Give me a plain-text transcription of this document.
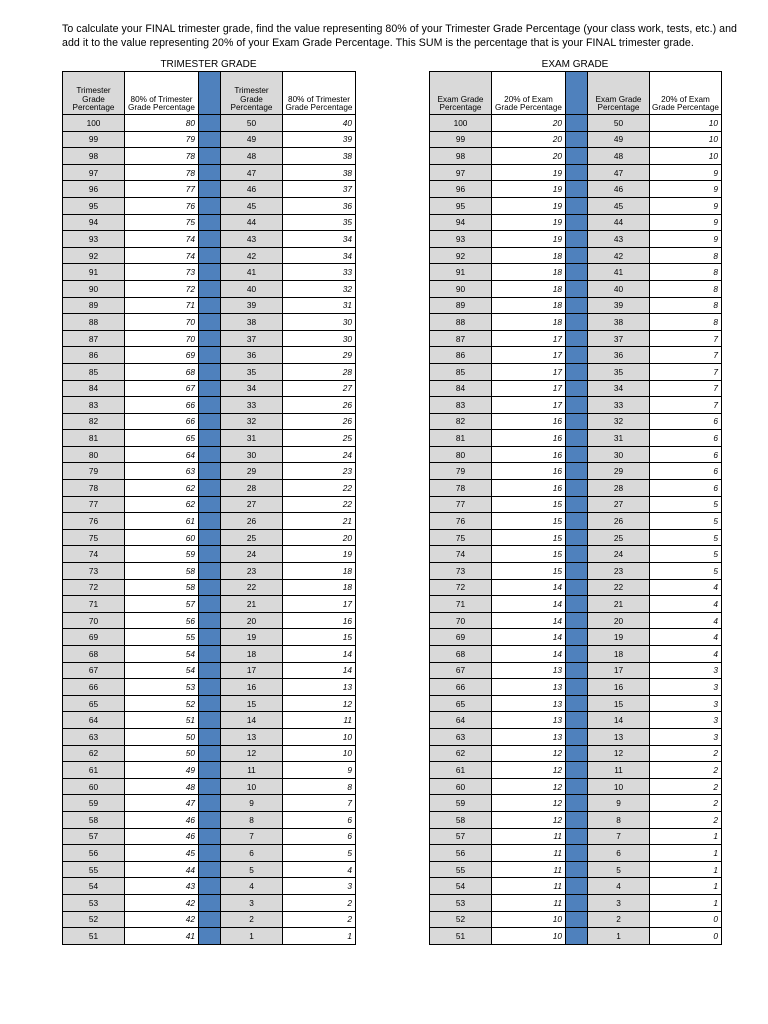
To calculate your FINAL trimester grade, find the value representing 80% of your Trimester Grade Percentage (your class work, tests, etc.) and add it to the value representing 20% of your Exam Grade Percentage. This SUM is the percentage that is your FINAL trimester grade.
TRIMESTER GRADE	EXAM GRADE
Trimester Grade Percentage	80% of Trimester Grade Percentage		Trimester Grade Percentage	80% of Trimester Grade Percentage
100	80		50	40
99	79		49	39
98	78		48	38
97	78		47	38
96	77		46	37
95	76		45	36
94	75		44	35
93	74		43	34
92	74		42	34
91	73		41	33
90	72		40	32
89	71		39	31
88	70		38	30
87	70		37	30
86	69		36	29
85	68		35	28
84	67		34	27
83	66		33	26
82	66		32	26
81	65		31	25
80	64		30	24
79	63		29	23
78	62		28	22
77	62		27	22
76	61		26	21
75	60		25	20
74	59		24	19
73	58		23	18
72	58		22	18
71	57		21	17
70	56		20	16
69	55		19	15
68	54		18	14
67	54		17	14
66	53		16	13
65	52		15	12
64	51		14	11
63	50		13	10
62	50		12	10
61	49		11	9
60	48		10	8
59	47		9	7
58	46		8	6
57	46		7	6
56	45		6	5
55	44		5	4
54	43		4	3
53	42		3	2
52	42		2	2
51	41		1	1
Exam Grade Percentage	20% of Exam Grade Percentage		Exam Grade Percentage	20% of Exam Grade Percentage
100	20		50	10
99	20		49	10
98	20		48	10
97	19		47	9
96	19		46	9
95	19		45	9
94	19		44	9
93	19		43	9
92	18		42	8
91	18		41	8
90	18		40	8
89	18		39	8
88	18		38	8
87	17		37	7
86	17		36	7
85	17		35	7
84	17		34	7
83	17		33	7
82	16		32	6
81	16		31	6
80	16		30	6
79	16		29	6
78	16		28	6
77	15		27	5
76	15		26	5
75	15		25	5
74	15		24	5
73	15		23	5
72	14		22	4
71	14		21	4
70	14		20	4
69	14		19	4
68	14		18	4
67	13		17	3
66	13		16	3
65	13		15	3
64	13		14	3
63	13		13	3
62	12		12	2
61	12		11	2
60	12		10	2
59	12		9	2
58	12		8	2
57	11		7	1
56	11		6	1
55	11		5	1
54	11		4	1
53	11		3	1
52	10		2	0
51	10		1	0
